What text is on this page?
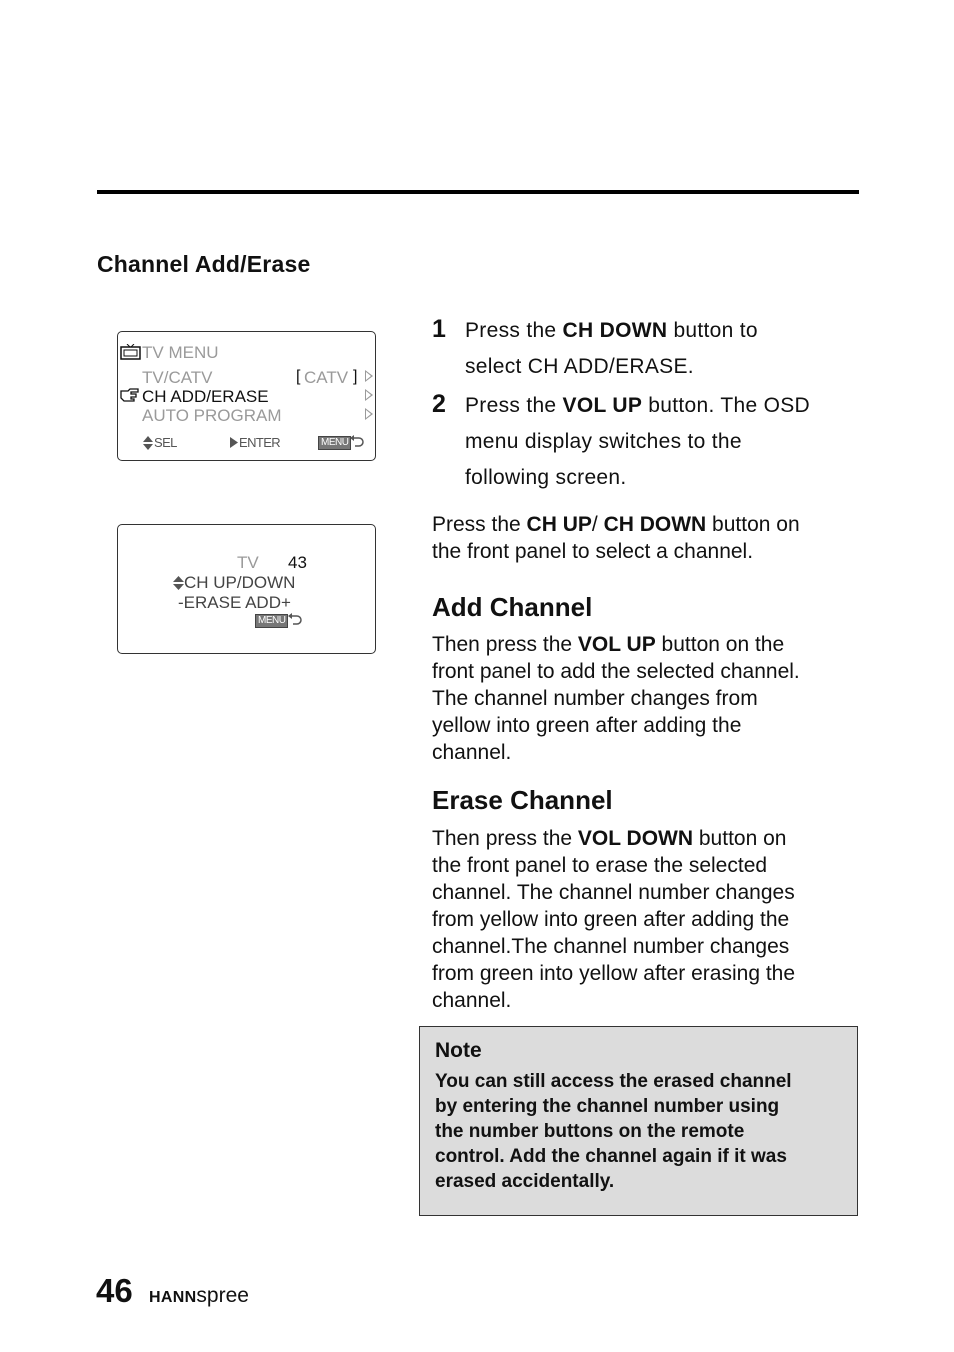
Channel Add/Erase
TV MENU
TV/CATV	[ CATV ]
CH ADD/ERASE
AUTO PROGRAM
SEL	ENTER	MENU
TV 43
CH UP/DOWN
-ERASE ADD+
MENU
1 Press the CH DOWN button to
select CH ADD/ERASE.
2 Press the VOL UP button. The OSD
menu display switches to the
following screen.
Press the CH UP/ CH DOWN button on
the front panel to select a channel.
Add Channel
Then press the VOL UP button on the
front panel to add the selected channel.
The channel number changes from
yellow into green after adding the
channel.
Erase Channel
Then press the VOL DOWN button on
the front panel to erase the selected
channel. The channel number changes
from yellow into green after adding the
channel.The channel number changes
from green into yellow after erasing the
channel.
Note
You can still access the erased channel
by entering the channel number using
the number buttons on the remote
control. Add the channel again if it was
erased accidentally.
46 HANNspree
